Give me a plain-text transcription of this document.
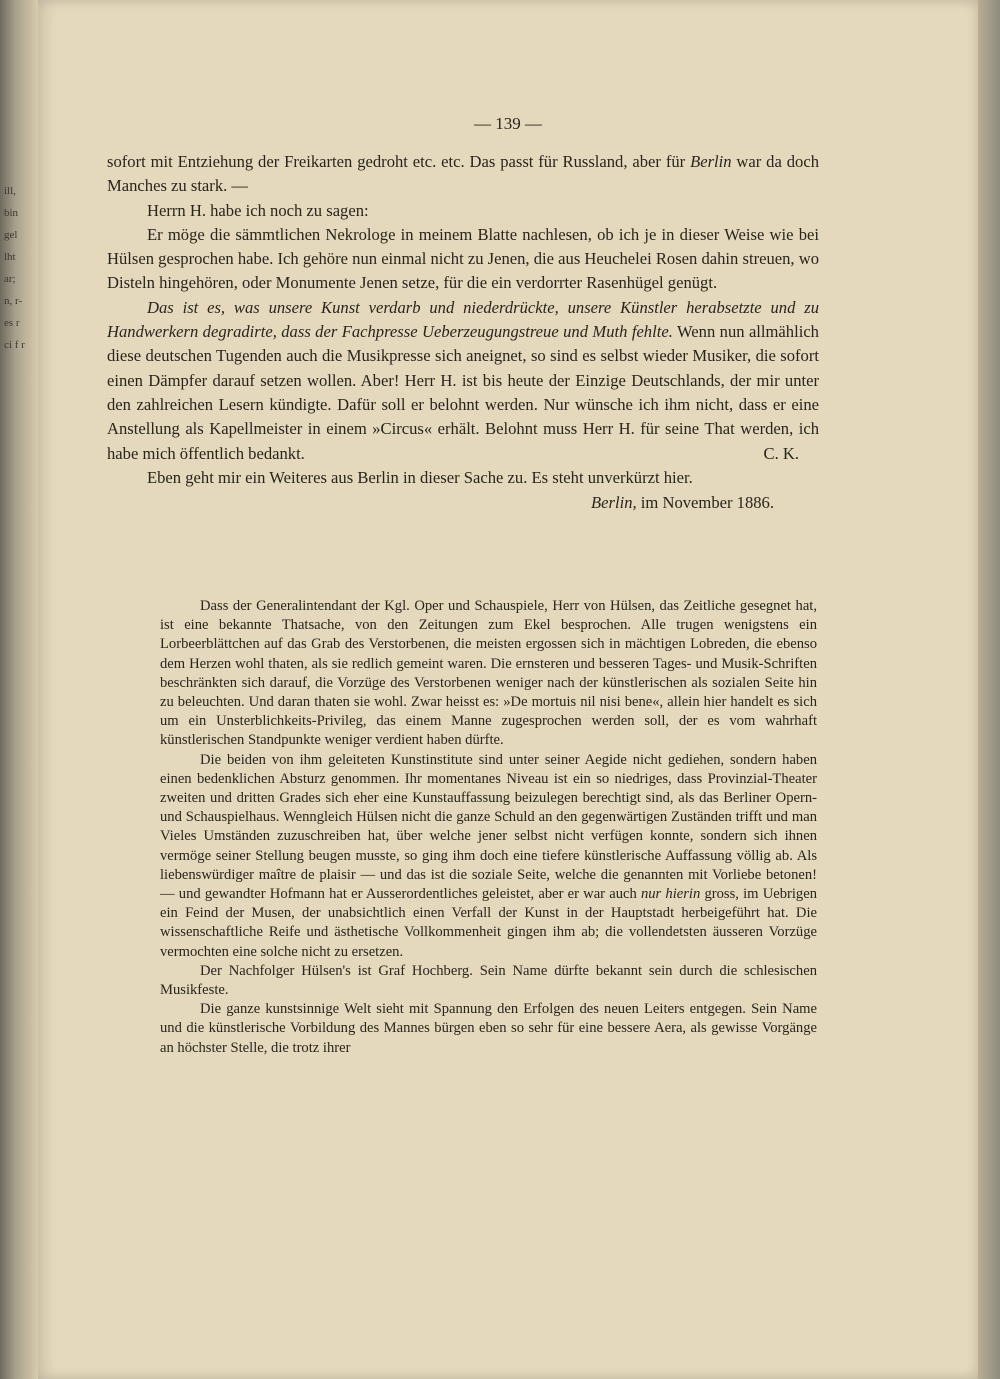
ill, bin gel lht ar; n, r- es r ci f r
— 139 —

sofort mit Entziehung der Freikarten gedroht etc. etc. Das passt für Russland, aber für Berlin war da doch Manches zu stark. —

Herrn H. habe ich noch zu sagen:

Er möge die sämmtlichen Nekrologe in meinem Blatte nachlesen, ob ich je in dieser Weise wie bei Hülsen gesprochen habe. Ich gehöre nun einmal nicht zu Jenen, die aus Heuchelei Rosen dahin streuen, wo Disteln hingehören, oder Monumente Jenen setze, für die ein verdorrter Rasenhügel genügt.

Das ist es, was unsere Kunst verdarb und niederdrückte, unsere Künstler herabsetzte und zu Handwerkern degradirte, dass der Fachpresse Ueberzeugungstreue und Muth fehlte. Wenn nun allmählich diese deutschen Tugenden auch die Musikpresse sich aneignet, so sind es selbst wieder Musiker, die sofort einen Dämpfer darauf setzen wollen. Aber! Herr H. ist bis heute der Einzige Deutschlands, der mir unter den zahlreichen Lesern kündigte. Dafür soll er belohnt werden. Nur wünsche ich ihm nicht, dass er eine Anstellung als Kapellmeister in einem »Circus« erhält. Belohnt muss Herr H. für seine That werden, ich habe mich öffentlich bedankt.	C. K.

Eben geht mir ein Weiteres aus Berlin in dieser Sache zu. Es steht unverkürzt hier.

Berlin, im November 1886.

Dass der Generalintendant der Kgl. Oper und Schauspiele, Herr von Hülsen, das Zeitliche gesegnet hat, ist eine bekannte Thatsache, von den Zeitungen zum Ekel besprochen. Alle trugen wenigstens ein Lorbeerblättchen auf das Grab des Verstorbenen, die meisten ergossen sich in mächtigen Lobreden, die ebenso dem Herzen wohl thaten, als sie redlich gemeint waren. Die ernsteren und besseren Tages- und Musik-Schriften beschränkten sich darauf, die Vorzüge des Verstorbenen weniger nach der künstlerischen als sozialen Seite hin zu beleuchten. Und daran thaten sie wohl. Zwar heisst es: »De mortuis nil nisi bene«, allein hier handelt es sich um ein Unsterblichkeits-Privileg, das einem Manne zugesprochen werden soll, der es vom wahrhaft künstlerischen Standpunkte weniger verdient haben dürfte.

Die beiden von ihm geleiteten Kunstinstitute sind unter seiner Aegide nicht gediehen, sondern haben einen bedenklichen Absturz genommen. Ihr momentanes Niveau ist ein so niedriges, dass Provinzial-Theater zweiten und dritten Grades sich eher eine Kunstauffassung beizulegen berechtigt sind, als das Berliner Opern- und Schauspielhaus. Wenngleich Hülsen nicht die ganze Schuld an den gegenwärtigen Zuständen trifft und man Vieles Umständen zuzuschreiben hat, über welche jener selbst nicht verfügen konnte, sondern sich ihnen vermöge seiner Stellung beugen musste, so ging ihm doch eine tiefere künstlerische Auffassung völlig ab. Als liebenswürdiger maître de plaisir — und das ist die soziale Seite, welche die genannten mit Vorliebe betonen! — und gewandter Hofmann hat er Ausserordentliches geleistet, aber er war auch nur hierin gross, im Uebrigen ein Feind der Musen, der unabsichtlich einen Verfall der Kunst in der Hauptstadt herbeigeführt hat. Die wissenschaftliche Reife und ästhetische Vollkommenheit gingen ihm ab; die vollendetsten äusseren Vorzüge vermochten eine solche nicht zu ersetzen.

Der Nachfolger Hülsen's ist Graf Hochberg. Sein Name dürfte bekannt sein durch die schlesischen Musikfeste.

Die ganze kunstsinnige Welt sieht mit Spannung den Erfolgen des neuen Leiters entgegen. Sein Name und die künstlerische Vorbildung des Mannes bürgen eben so sehr für eine bessere Aera, als gewisse Vorgänge an höchster Stelle, die trotz ihrer
